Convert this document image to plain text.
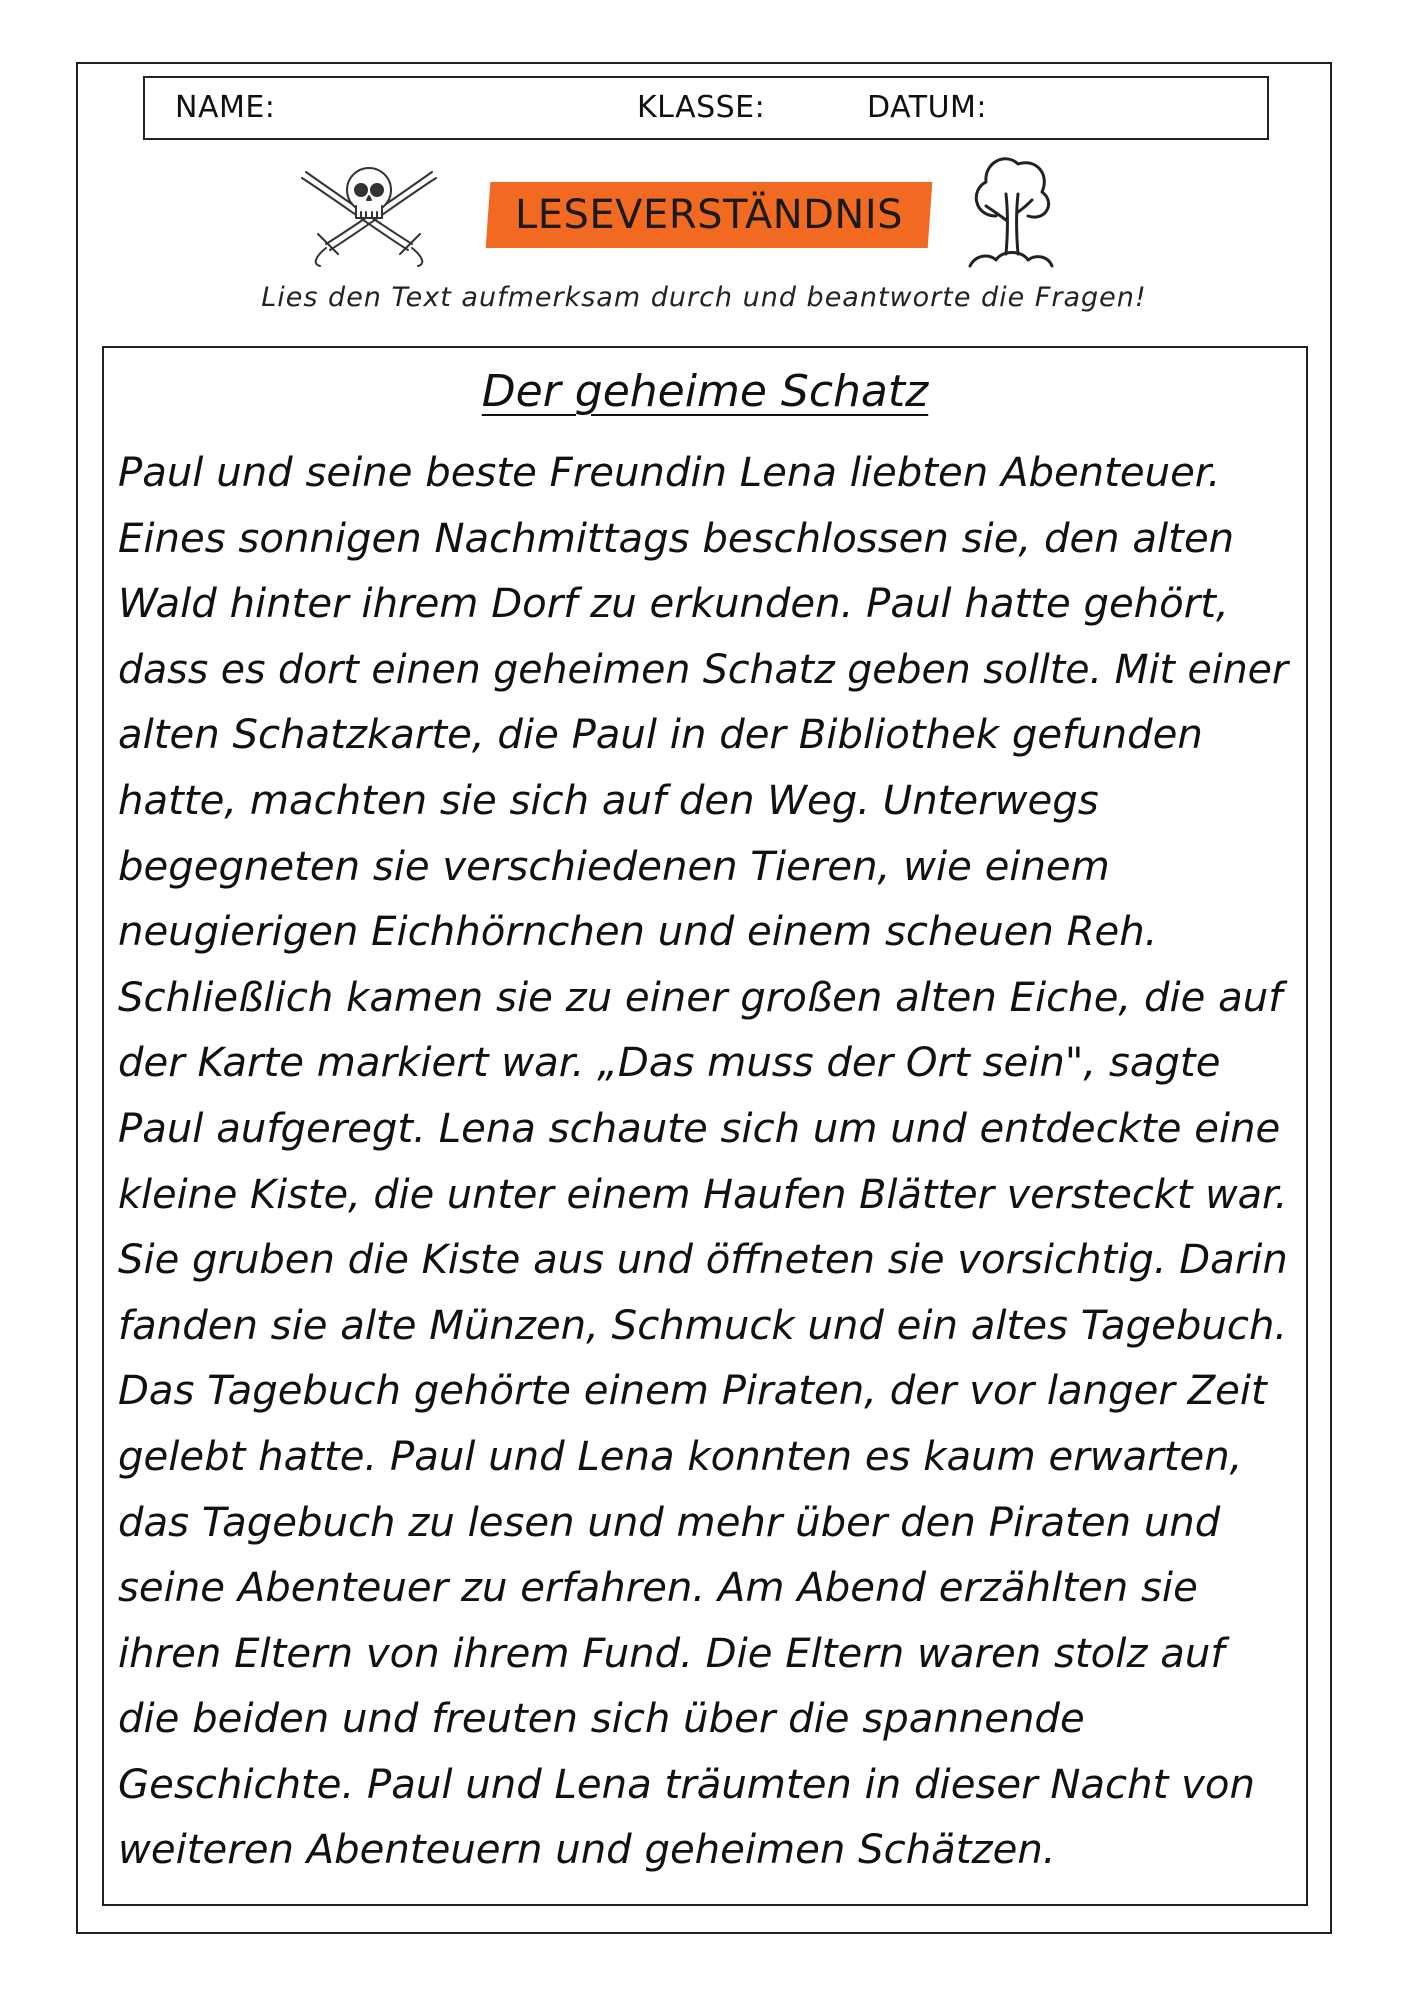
NAME:	KLASSE:	DATUM:
LESEVERSTÄNDNIS
Lies den Text aufmerksam durch und beantworte die Fragen!
Der geheime Schatz
Paul und seine beste Freundin Lena liebten Abenteuer.
Eines sonnigen Nachmittags beschlossen sie, den alten
Wald hinter ihrem Dorf zu erkunden. Paul hatte gehört,
dass es dort einen geheimen Schatz geben sollte. Mit einer
alten Schatzkarte, die Paul in der Bibliothek gefunden
hatte, machten sie sich auf den Weg. Unterwegs
begegneten sie verschiedenen Tieren, wie einem
neugierigen Eichhörnchen und einem scheuen Reh.
Schließlich kamen sie zu einer großen alten Eiche, die auf
der Karte markiert war. „Das muss der Ort sein", sagte
Paul aufgeregt. Lena schaute sich um und entdeckte eine
kleine Kiste, die unter einem Haufen Blätter versteckt war.
Sie gruben die Kiste aus und öffneten sie vorsichtig. Darin
fanden sie alte Münzen, Schmuck und ein altes Tagebuch.
Das Tagebuch gehörte einem Piraten, der vor langer Zeit
gelebt hatte. Paul und Lena konnten es kaum erwarten,
das Tagebuch zu lesen und mehr über den Piraten und
seine Abenteuer zu erfahren. Am Abend erzählten sie
ihren Eltern von ihrem Fund. Die Eltern waren stolz auf
die beiden und freuten sich über die spannende
Geschichte. Paul und Lena träumten in dieser Nacht von
weiteren Abenteuern und geheimen Schätzen.
